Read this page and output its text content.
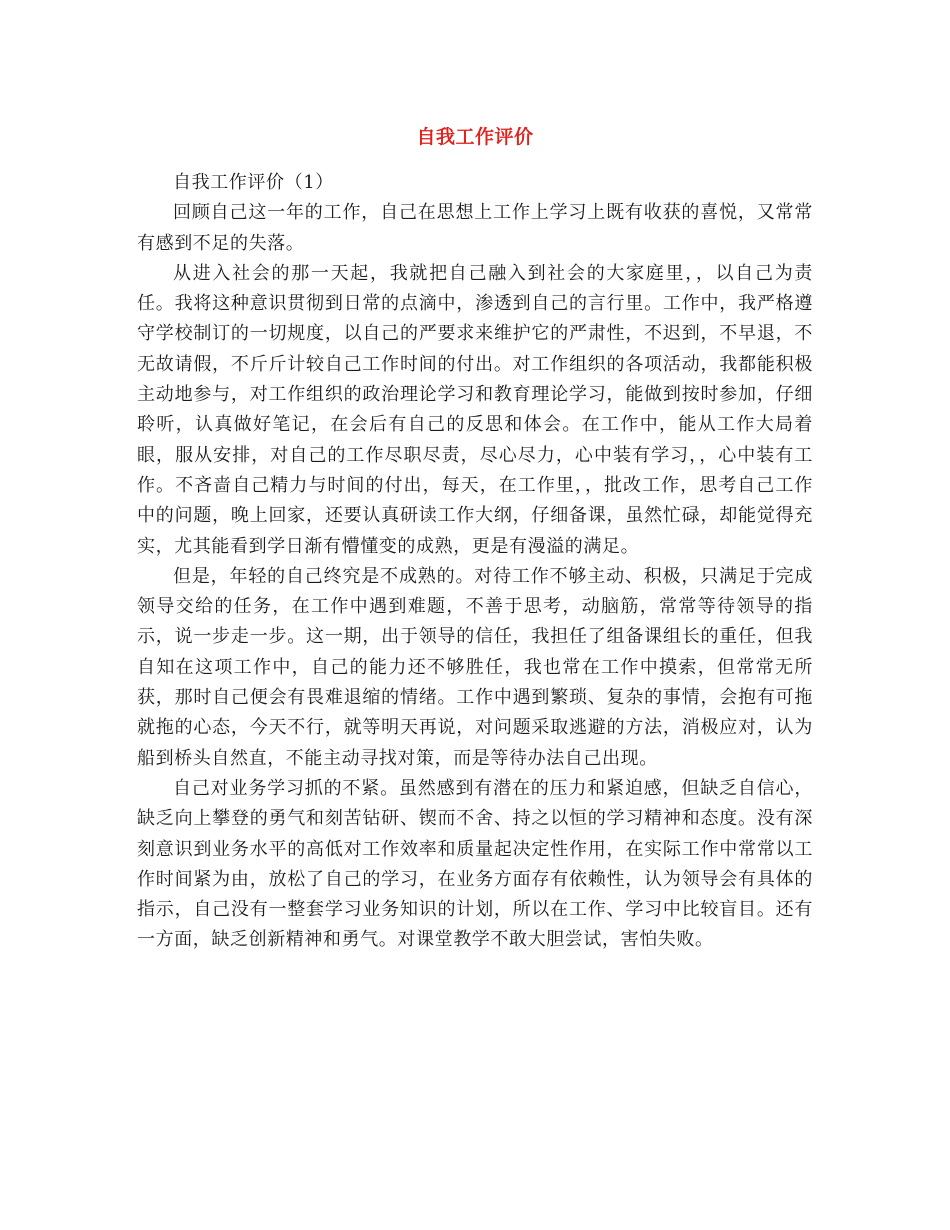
自我工作评价

自我工作评价（1）

回顾自己这一年的工作，自己在思想上工作上学习上既有收获的喜悦，又常常有感到不足的失落。

从进入社会的那一天起，我就把自己融入到社会的大家庭里，，以自己为责任。我将这种意识贯彻到日常的点滴中，渗透到自己的言行里。工作中，我严格遵守学校制订的一切规度，以自己的严要求来维护它的严肃性，不迟到，不早退，不无故请假，不斤斤计较自己工作时间的付出。对工作组织的各项活动，我都能积极主动地参与，对工作组织的政治理论学习和教育理论学习，能做到按时参加，仔细聆听，认真做好笔记，在会后有自己的反思和体会。在工作中，能从工作大局着眼，服从安排，对自己的工作尽职尽责，尽心尽力，心中装有学习，，心中装有工作。不吝啬自己精力与时间的付出，每天，在工作里，，批改工作，思考自己工作中的问题，晚上回家，还要认真研读工作大纲，仔细备课，虽然忙碌，却能觉得充实，尤其能看到学日渐有懵懂变的成熟，更是有漫溢的满足。

但是，年轻的自己终究是不成熟的。对待工作不够主动、积极，只满足于完成领导交给的任务，在工作中遇到难题，不善于思考，动脑筋，常常等待领导的指示，说一步走一步。这一期，出于领导的信任，我担任了组备课组长的重任，但我自知在这项工作中，自己的能力还不够胜任，我也常在工作中摸索，但常常无所获，那时自己便会有畏难退缩的情绪。工作中遇到繁琐、复杂的事情，会抱有可拖就拖的心态，今天不行，就等明天再说，对问题采取逃避的方法，消极应对，认为船到桥头自然直，不能主动寻找对策，而是等待办法自己出现。

自己对业务学习抓的不紧。虽然感到有潜在的压力和紧迫感，但缺乏自信心，缺乏向上攀登的勇气和刻苦钻研、锲而不舍、持之以恒的学习精神和态度。没有深刻意识到业务水平的高低对工作效率和质量起决定性作用，在实际工作中常常以工作时间紧为由，放松了自己的学习，在业务方面存有依赖性，认为领导会有具体的指示，自己没有一整套学习业务知识的计划，所以在工作、学习中比较盲目。还有一方面，缺乏创新精神和勇气。对课堂教学不敢大胆尝试，害怕失败。
